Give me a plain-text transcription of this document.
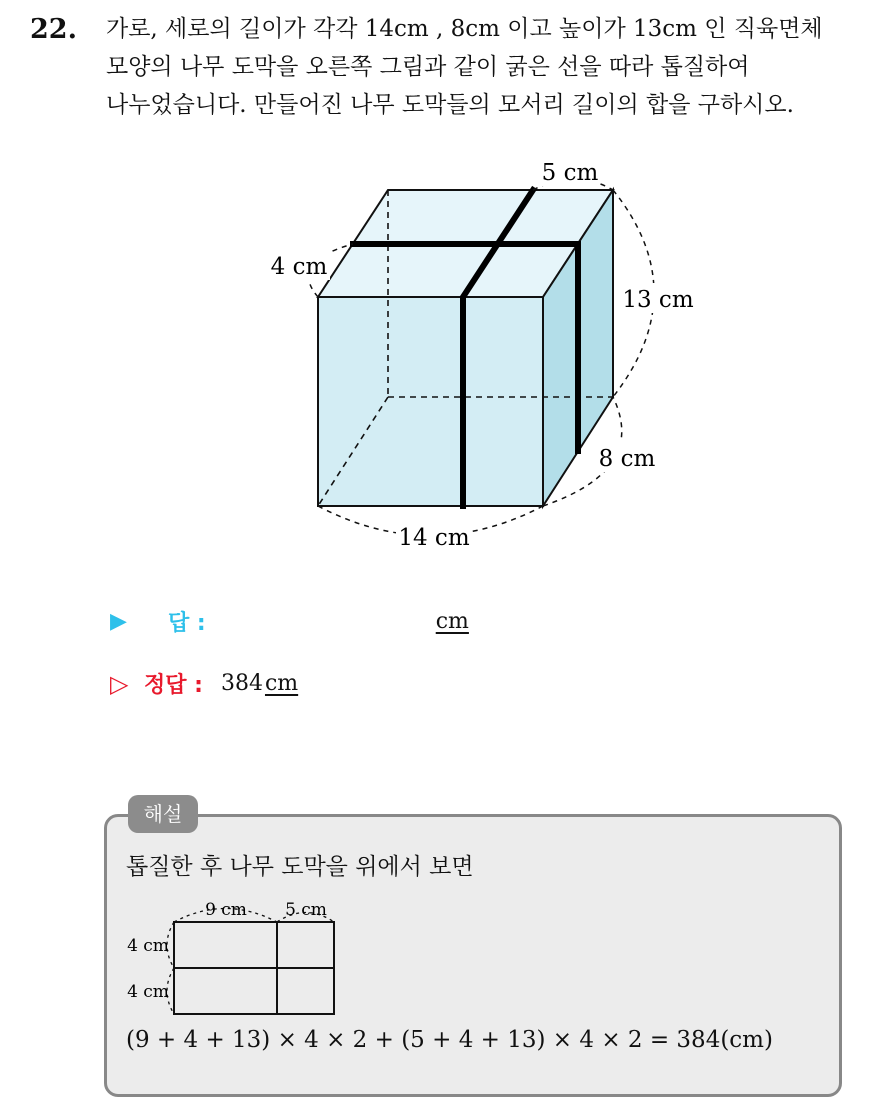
22. 가로, 세로의 길이가 각각 14cm , 8cm 이고 높이가 13cm 인 직육면체
모양의 나무 도막을 오른쪽 그림과 같이 굵은 선을 따라 톱질하여
나누었습니다. 만들어진 나무 도막들의 모서리 길이의 합을 구하시오.
5 cm
4 cm
13 cm
8 cm
14 cm
▶	답 :	cm
▷ 정답 : 384 cm
해설
톱질한 후 나무 도막을 위에서 보면
9 cm 5 cm
4 cm
4 cm
(9 + 4 + 13) × 4 × 2 + (5 + 4 + 13) × 4 × 2 = 384(cm)
